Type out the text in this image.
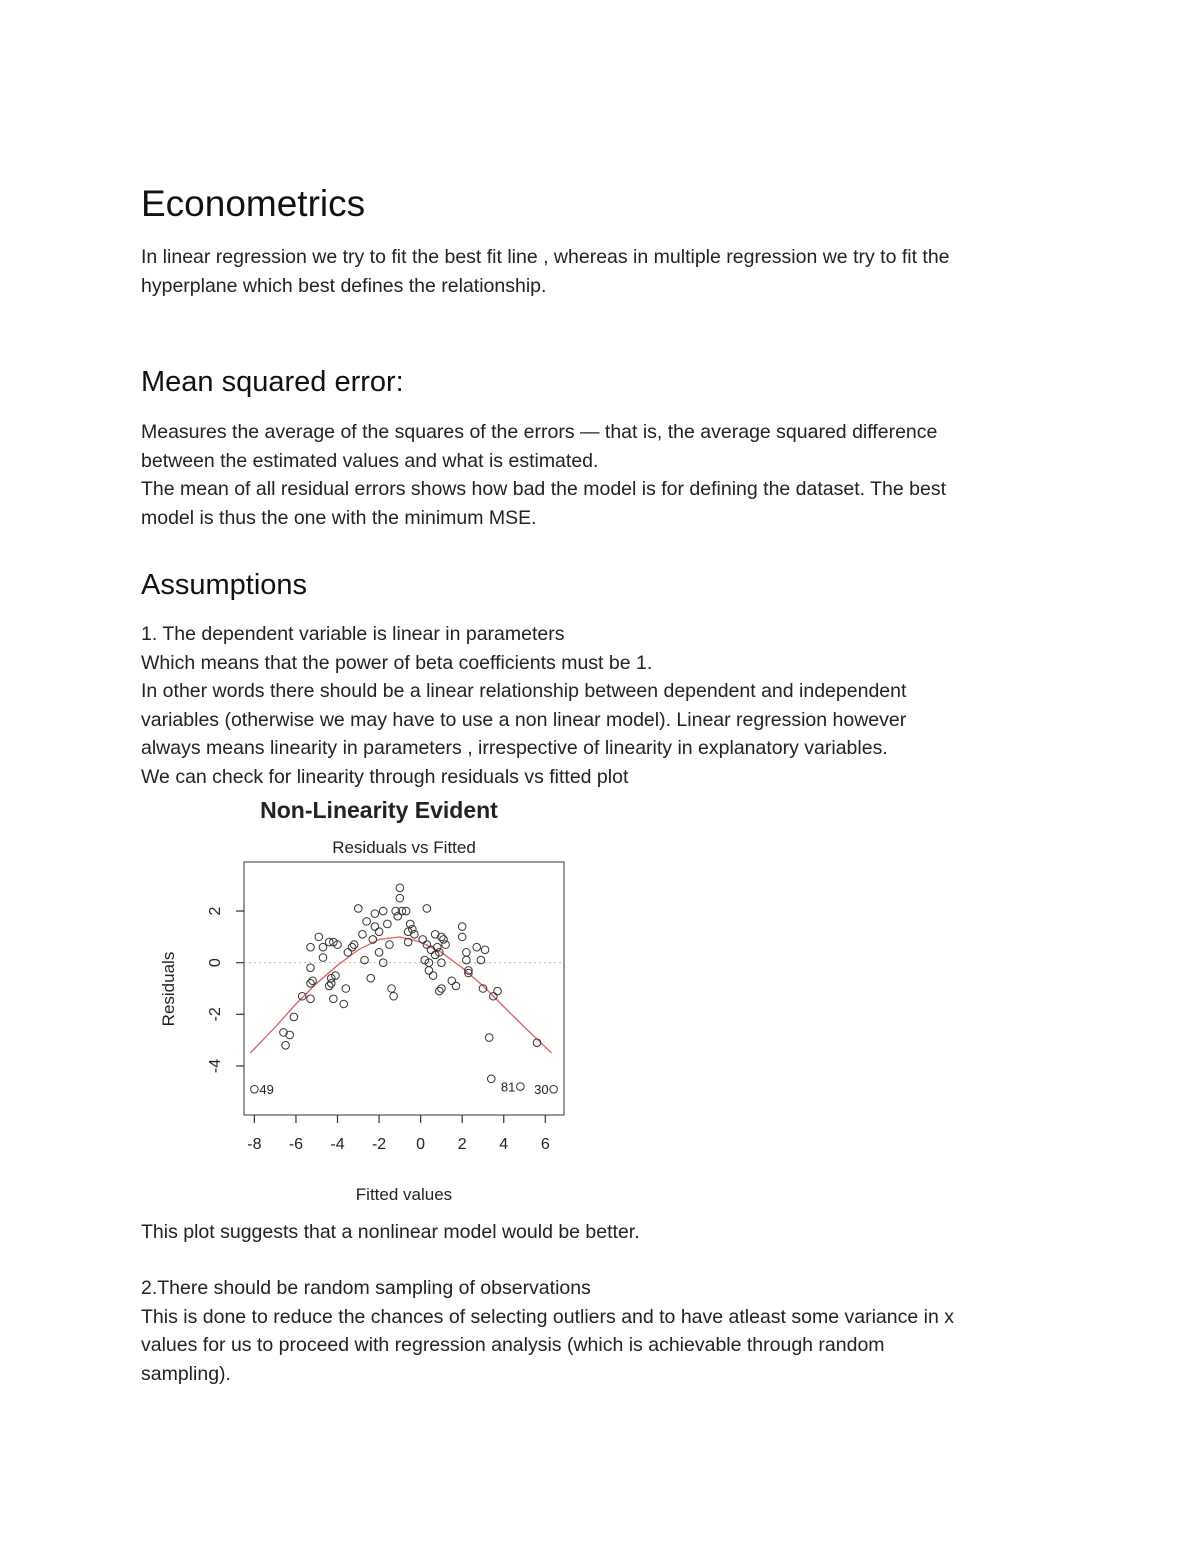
Econometrics
In linear regression we try to fit the best fit line , whereas in multiple regression we try to fit the
hyperplane which best defines the relationship.
Mean squared error:
Measures the average of the squares of the errors — that is, the average squared difference
between the estimated values and what is estimated.
The mean of all residual errors shows how bad the model is for defining the dataset. The best
model is thus the one with the minimum MSE.
Assumptions
1. The dependent variable is linear in parameters
Which means that the power of beta coefficients must be 1.
In other words there should be a linear relationship between dependent and independent
variables (otherwise we may have to use a non linear model). Linear regression however
always means linearity in parameters , irrespective of linearity in explanatory variables.
We can check for linearity through residuals vs fitted plot
Non-Linearity Evident
Residuals vs Fitted
-8 -6 -4 -2 0 2 4 6
-4
-2
0
2
49	81 30
Fitted values
Residuals
This plot suggests that a nonlinear model would be better.
2.There should be random sampling of observations
This is done to reduce the chances of selecting outliers and to have atleast some variance in x
values for us to proceed with regression analysis (which is achievable through random
sampling).
